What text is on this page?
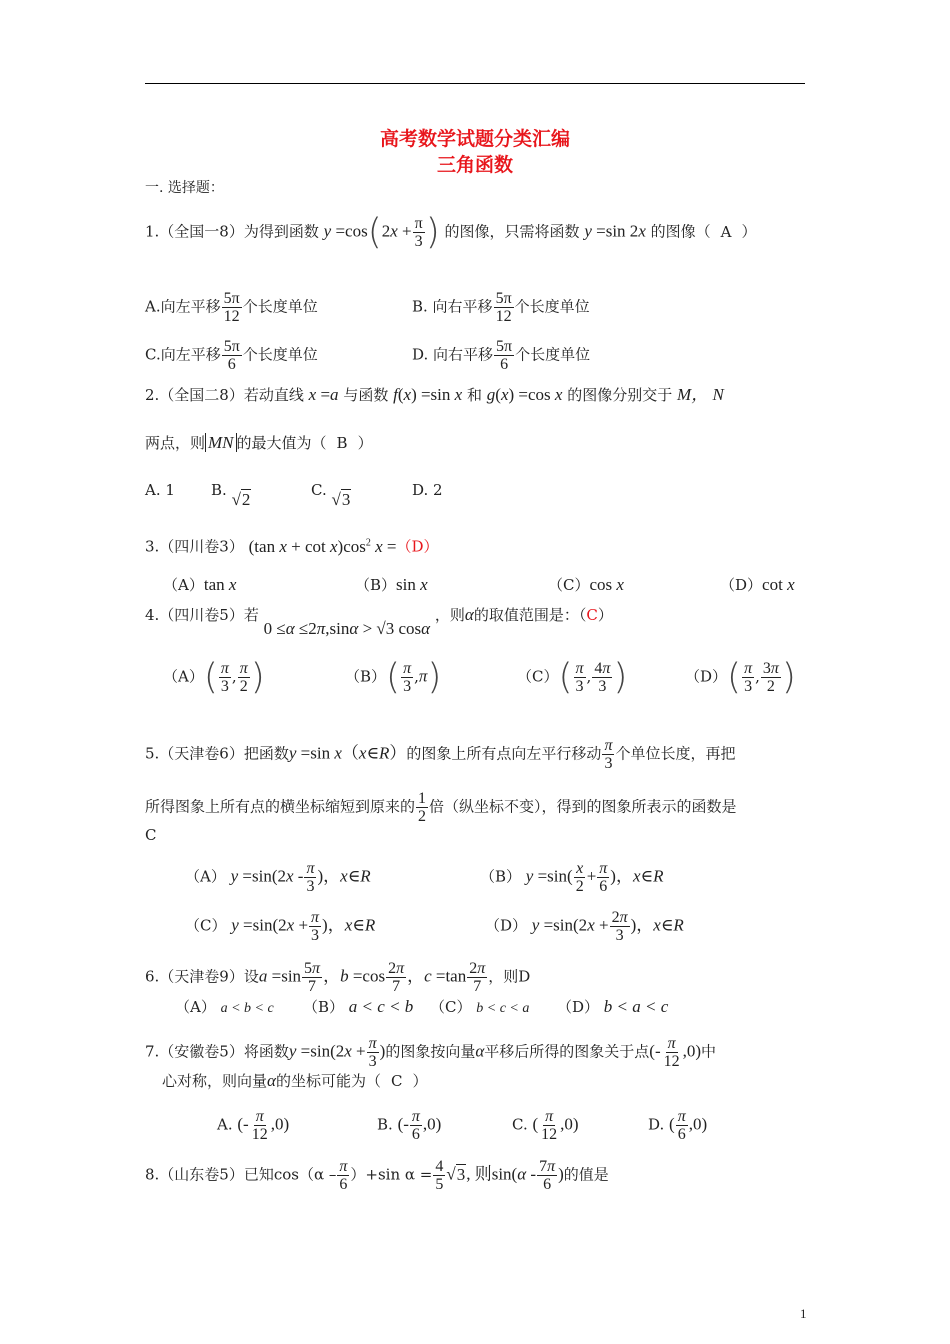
高考数学试题分类汇编
三角函数
一. 选择题：
1.（全国一8）为得到函数 $y =\cos(2x + \frac{\pi}{3}$ ) 的图像，只需将函数 y =sin 2x 的图像（ A ）
A.向左平移 $\frac{5\pi}{12}$ 个长度单位	B. 向右平移 $\frac{5\pi}{12}$ 个长度单位
C.向左平移 $\frac{5\pi}{6}$ 个长度单位	D. 向右平移 $\frac{5\pi}{6}$ 个长度单位
2.（全国二8）若动直线 x =a 与函数 f(x) =sin x 和 g(x) =cos x 的图像分别交于 M， N
两点，则 MN 的最大值为（ B ）
A. 1 B. √2	C. √3	D. 2
3.（四川卷3） (tan $x + \cot x)\cos^2$ x =（D）
（A）tan x	（B）sin x	（C）cos x	（D）cot x
4.（四川卷5）若 0 ≤α ≤2π,sinα > √3 cosα ，则α的取值范围是：（C）
$(A)( \frac{\pi}{3}$ , $\frac{\pi}{2}$ )	$(B)( \frac{\pi}{3} ,\pi)$	$(C)( \frac{\pi}{3}$ , $\frac{4\pi}{3}$ )	$(D)( \frac{\pi}{3}$ , $\frac{3\pi}{2}$ )
5.（天津卷6）把函数y =sin x（x∈R）的图象上所有点向左平行移动 $\frac{\pi}{3}$ 个单位长度，再把
所得图象上所有点的横坐标缩短到原来的 $\frac{1}{2}$ 倍（纵坐标不变），得到的图象所表示的函数是
C
（A） $y =\sin(2x - \frac{\pi}{3}$ )，x∈R	（B） $y =\sin( \frac{x}{2} + \frac{\pi}{6}$ )，x∈R
（C） $y =\sin(2x + \frac{\pi}{3}$ )，x∈R	（D） $y =\sin(2x + \frac{2\pi}{3}$ )，x∈R
6.（天津卷9）设$a =\sin \frac{5\pi}{7}$ ，$b =\cos \frac{2\pi}{7}$ ，$c =\tan \frac{2\pi}{7}$ ，则D
（A） a < b < c （B） a < c < b （C） b < c < a （D） b < a < c
7.（安徽卷5）将函数$y =\sin(2x + \frac{\pi}{3}$ )的图象按向量α平移后所得的图象关于点(- $\frac{\pi}{12} ,0$)中
心对称，则向量α的坐标可能为（ C ）
A. (- $\frac{\pi}{12} ,0$)	B. (- $\frac{\pi}{6} ,0$)	C. ( $\frac{\pi}{12} ,0$)	D. ( $\frac{\pi}{6} ,0$)
8.（山东卷5）已知$\cos(\alpha - \frac{\pi}{6} )+\sin$ $\alpha = \frac{4}{5} √3$, 则$\sin(\alpha - \frac{7\pi}{6}$ )的值是
1
